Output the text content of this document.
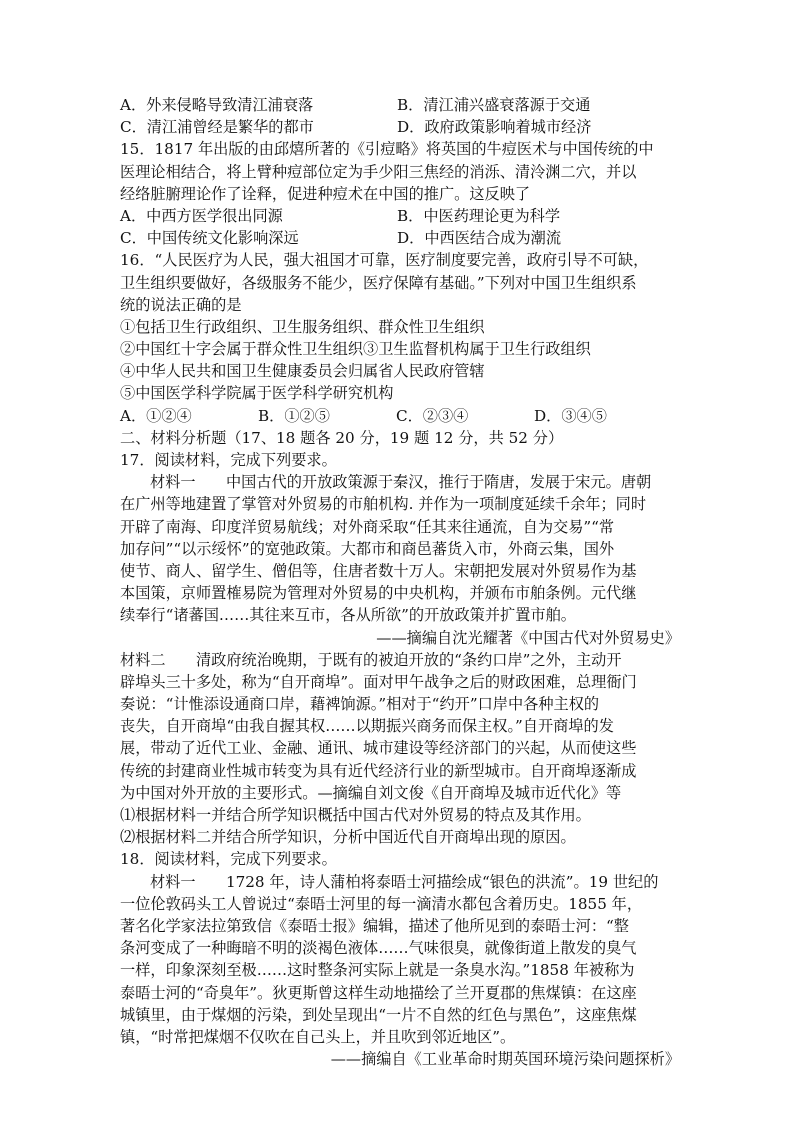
A．外来侵略导致清江浦衰落	B．清江浦兴盛衰落源于交通
C．清江浦曾经是繁华的都市	D．政府政策影响着城市经济
15．1817 年出版的由邱熺所著的《引痘略》将英国的牛痘医术与中国传统的中
医理论相结合，将上臂种痘部位定为手少阳三焦经的消泺、清泠渊二穴，并以
经络脏腑理论作了诠释，促进种痘术在中国的推广。这反映了
A．中西方医学很出同源	B．中医药理论更为科学
C．中国传统文化影响深远	D．中西医结合成为潮流
16．“人民医疗为人民，强大祖国才可靠，医疗制度要完善，政府引导不可缺，
卫生组织要做好，各级服务不能少，医疗保障有基础。”下列对中国卫生组织系
统的说法正确的是
①包括卫生行政组织、卫生服务组织、群众性卫生组织
②中国红十字会属于群众性卫生组织③卫生监督机构属于卫生行政组织
④中华人民共和国卫生健康委员会归属省人民政府管辖
⑤中国医学科学院属于医学科学研究机构
A．①②④	B．①②⑤	C．②③④	D．③④⑤
二、材料分析题（17、18 题各 20 分，19 题 12 分，共 52 分）
17．阅读材料，完成下列要求。
材料一　　中国古代的开放政策源于秦汉，推行于隋唐，发展于宋元。唐朝
在广州等地建置了掌管对外贸易的市舶机构. 并作为一项制度延续千余年；同时
开辟了南海、印度洋贸易航线；对外商采取“任其来往通流，自为交易”“常
加存问”“以示绥怀”的宽弛政策。大都市和商邑蕃货入市，外商云集，国外
使节、商人、留学生、僧侣等，住唐者数十万人。宋朝把发展对外贸易作为基
本国策，京师置榷易院为管理对外贸易的中央机构，并颁布市舶条例。元代继
续奉行“诸蕃国……其往来互市，各从所欲”的开放政策并扩置市舶。
——摘编自沈光耀著《中国古代对外贸易史》
材料二　　清政府统治晚期，于既有的被迫开放的“条约口岸”之外，主动开
辟埠头三十多处，称为“自开商埠”。面对甲午战争之后的财政困难，总理衙门
奏说：“计惟添设通商口岸，藉裨饷源。”相对于“约开”口岸中各种主权的
丧失，自开商埠“由我自握其权……以期振兴商务而保主权。”自开商埠的发
展，带动了近代工业、金融、通讯、城市建设等经济部门的兴起，从而使这些
传统的封建商业性城市转变为具有近代经济行业的新型城市。自开商埠逐渐成
为中国对外开放的主要形式。—摘编自刘文俊《自开商埠及城市近代化》等
⑴根据材料一并结合所学知识概括中国古代对外贸易的特点及其作用。
⑵根据材料二并结合所学知识，分析中国近代自开商埠出现的原因。
18．阅读材料，完成下列要求。
材料一　　1728 年，诗人蒲柏将泰晤士河描绘成“银色的洪流”。19 世纪的
一位伦敦码头工人曾说过“泰晤士河里的每一滴清水都包含着历史。1855 年，
著名化学家法拉第致信《泰晤士报》编辑，描述了他所见到的泰晤士河：“整
条河变成了一种晦暗不明的淡褐色液体……气味很臭，就像街道上散发的臭气
一样，印象深刻至极……这时整条河实际上就是一条臭水沟。”1858 年被称为
泰晤士河的“奇臭年”。狄更斯曾这样生动地描绘了兰开夏郡的焦煤镇：在这座
城镇里，由于煤烟的污染，到处呈现出“一片不自然的红色与黑色”，这座焦煤
镇，“时常把煤烟不仅吹在自己头上，并且吹到邻近地区”。
——摘编自《工业革命时期英国环境污染问题探析》
